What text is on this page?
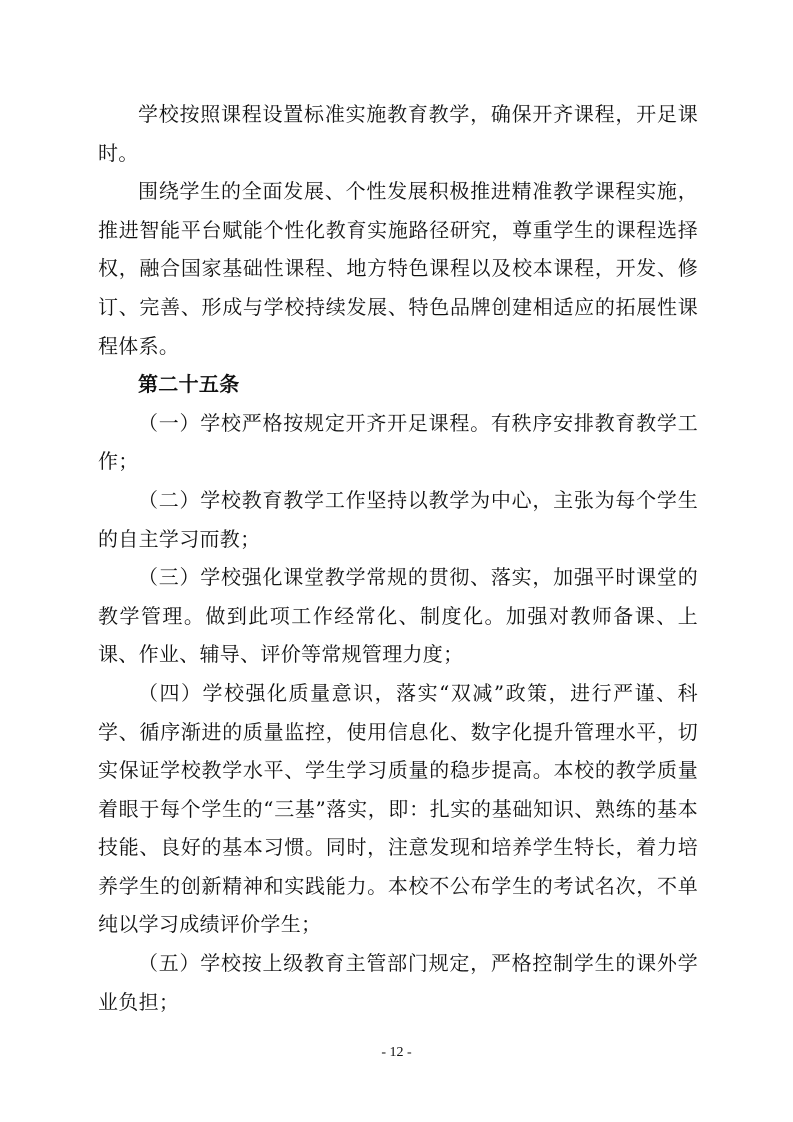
学校按照课程设置标准实施教育教学，确保开齐课程，开足课时。

围绕学生的全面发展、个性发展积极推进精准教学课程实施，推进智能平台赋能个性化教育实施路径研究，尊重学生的课程选择权，融合国家基础性课程、地方特色课程以及校本课程，开发、修订、完善、形成与学校持续发展、特色品牌创建相适应的拓展性课程体系。

第二十五条

（一）学校严格按规定开齐开足课程。有秩序安排教育教学工作；

（二）学校教育教学工作坚持以教学为中心，主张为每个学生的自主学习而教；

（三）学校强化课堂教学常规的贯彻、落实，加强平时课堂的教学管理。做到此项工作经常化、制度化。加强对教师备课、上课、作业、辅导、评价等常规管理力度；

（四）学校强化质量意识，落实“双减”政策，进行严谨、科学、循序渐进的质量监控，使用信息化、数字化提升管理水平，切实保证学校教学水平、学生学习质量的稳步提高。本校的教学质量着眼于每个学生的“三基”落实，即：扎实的基础知识、熟练的基本技能、良好的基本习惯。同时，注意发现和培养学生特长，着力培养学生的创新精神和实践能力。本校不公布学生的考试名次，不单纯以学习成绩评价学生；

（五）学校按上级教育主管部门规定，严格控制学生的课外学业负担；

- 12 -
